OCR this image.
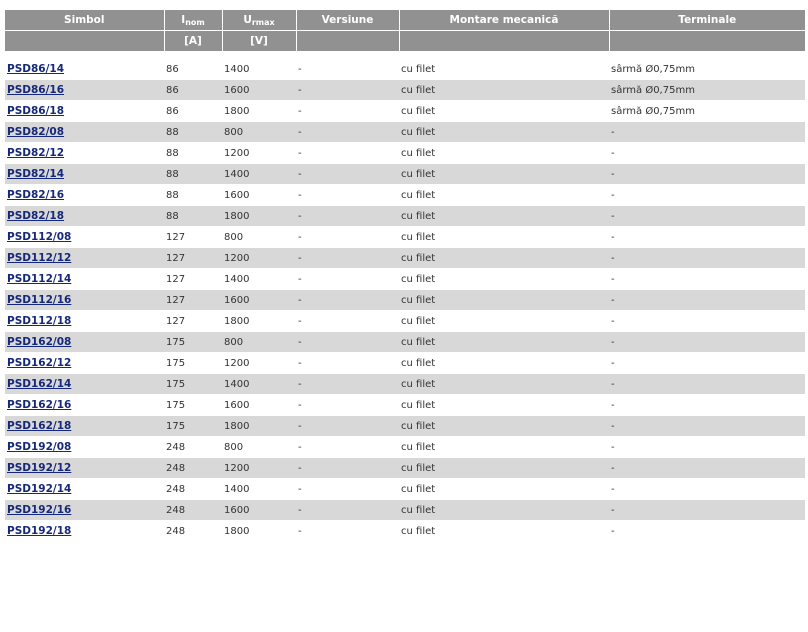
Simbol	$I_{nom}$	$U_{rmax}$	Versiune	Montare mecanică	Terminale
	[A]	[V]			

PSD86/14	86	1400	-	cu filet	sârmă Ø0,75mm
PSD86/16	86	1600	-	cu filet	sârmă Ø0,75mm
PSD86/18	86	1800	-	cu filet	sârmă Ø0,75mm
PSD82/08	88	800	-	cu filet	-
PSD82/12	88	1200	-	cu filet	-
PSD82/14	88	1400	-	cu filet	-
PSD82/16	88	1600	-	cu filet	-
PSD82/18	88	1800	-	cu filet	-
PSD112/08	127	800	-	cu filet	-
PSD112/12	127	1200	-	cu filet	-
PSD112/14	127	1400	-	cu filet	-
PSD112/16	127	1600	-	cu filet	-
PSD112/18	127	1800	-	cu filet	-
PSD162/08	175	800	-	cu filet	-
PSD162/12	175	1200	-	cu filet	-
PSD162/14	175	1400	-	cu filet	-
PSD162/16	175	1600	-	cu filet	-
PSD162/18	175	1800	-	cu filet	-
PSD192/08	248	800	-	cu filet	-
PSD192/12	248	1200	-	cu filet	-
PSD192/14	248	1400	-	cu filet	-
PSD192/16	248	1600	-	cu filet	-
PSD192/18	248	1800	-	cu filet	-
